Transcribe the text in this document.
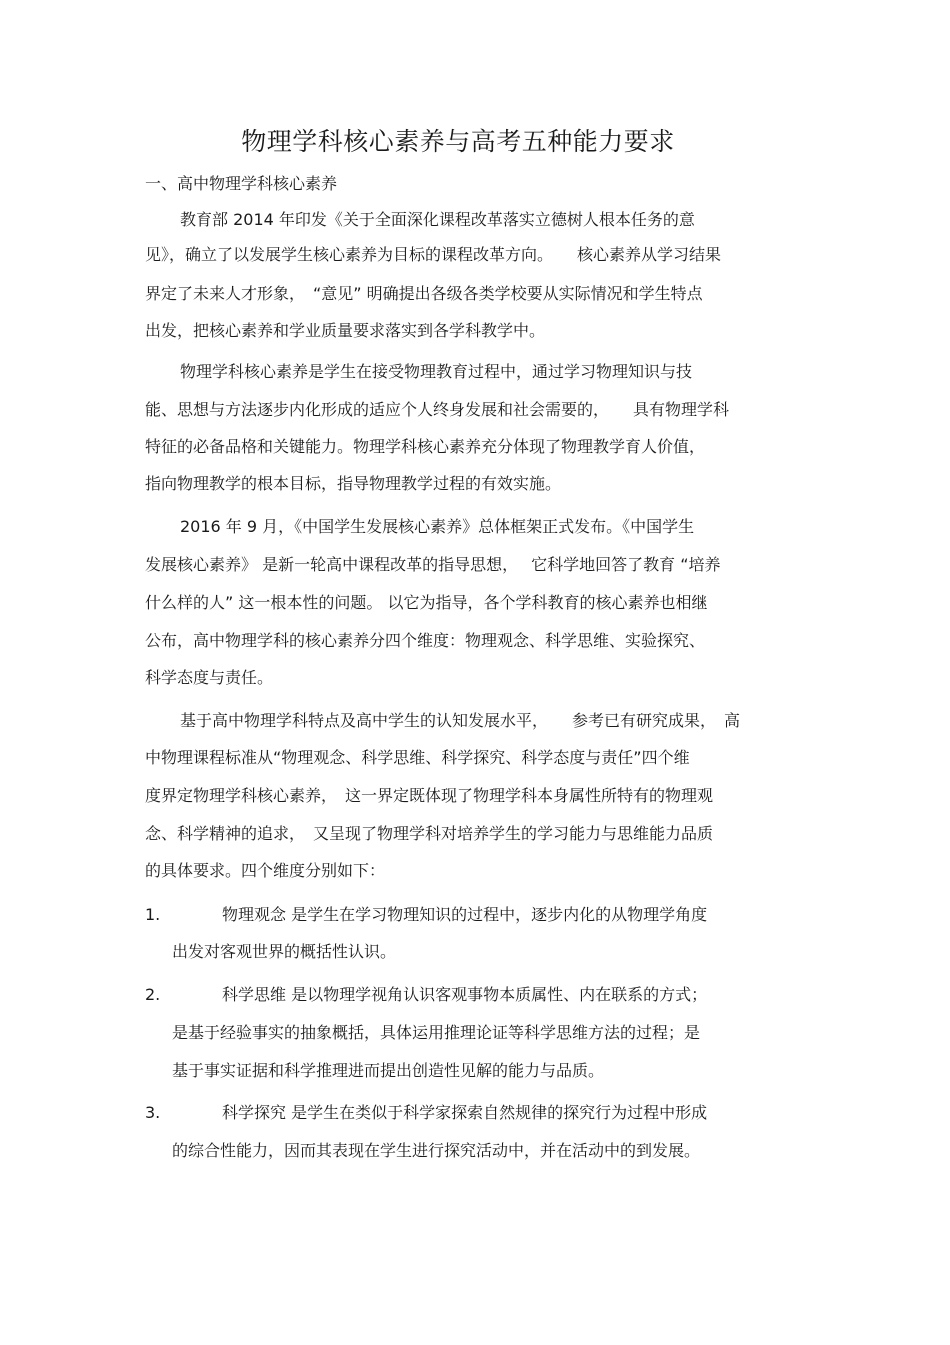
物理学科核心素养与高考五种能力要求
一、高中物理学科核心素养
教育部 2014 年印发《关于全面深化课程改革落实立德树人根本任务的意
见》，确立了以发展学生核心素养为目标的课程改革方向。　　核心素养从学习结果
界定了未来人才形象，　“意见” 明确提出各级各类学校要从实际情况和学生特点
出发，把核心素养和学业质量要求落实到各学科教学中。
物理学科核心素养是学生在接受物理教育过程中，通过学习物理知识与技
能、思想与方法逐步内化形成的适应个人终身发展和社会需要的，　　具有物理学科
特征的必备品格和关键能力。物理学科核心素养充分体现了物理教学育人价值，
指向物理教学的根本目标，指导物理教学过程的有效实施。
2016 年 9 月，《中国学生发展核心素养》总体框架正式发布。《中国学生
发展核心素养》 是新一轮高中课程改革的指导思想，　 它科学地回答了教育 “培养
什么样的人” 这一根本性的问题。 以它为指导，各个学科教育的核心素养也相继
公布，高中物理学科的核心素养分四个维度：物理观念、科学思维、实验探究、
科学态度与责任。
基于高中物理学科特点及高中学生的认知发展水平，　　参考已有研究成果，　高
中物理课程标准从“物理观念、科学思维、科学探究、科学态度与责任”四个维
度界定物理学科核心素养，　这一界定既体现了物理学科本身属性所特有的物理观
念、科学精神的追求，　又呈现了物理学科对培养学生的学习能力与思维能力品质
的具体要求。四个维度分别如下：
1.	物理观念 是学生在学习物理知识的过程中，逐步内化的从物理学角度
出发对客观世界的概括性认识。
2.	科学思维 是以物理学视角认识客观事物本质属性、内在联系的方式；
是基于经验事实的抽象概括，具体运用推理论证等科学思维方法的过程；是
基于事实证据和科学推理进而提出创造性见解的能力与品质。
3.	科学探究 是学生在类似于科学家探索自然规律的探究行为过程中形成
的综合性能力，因而其表现在学生进行探究活动中，并在活动中的到发展。
